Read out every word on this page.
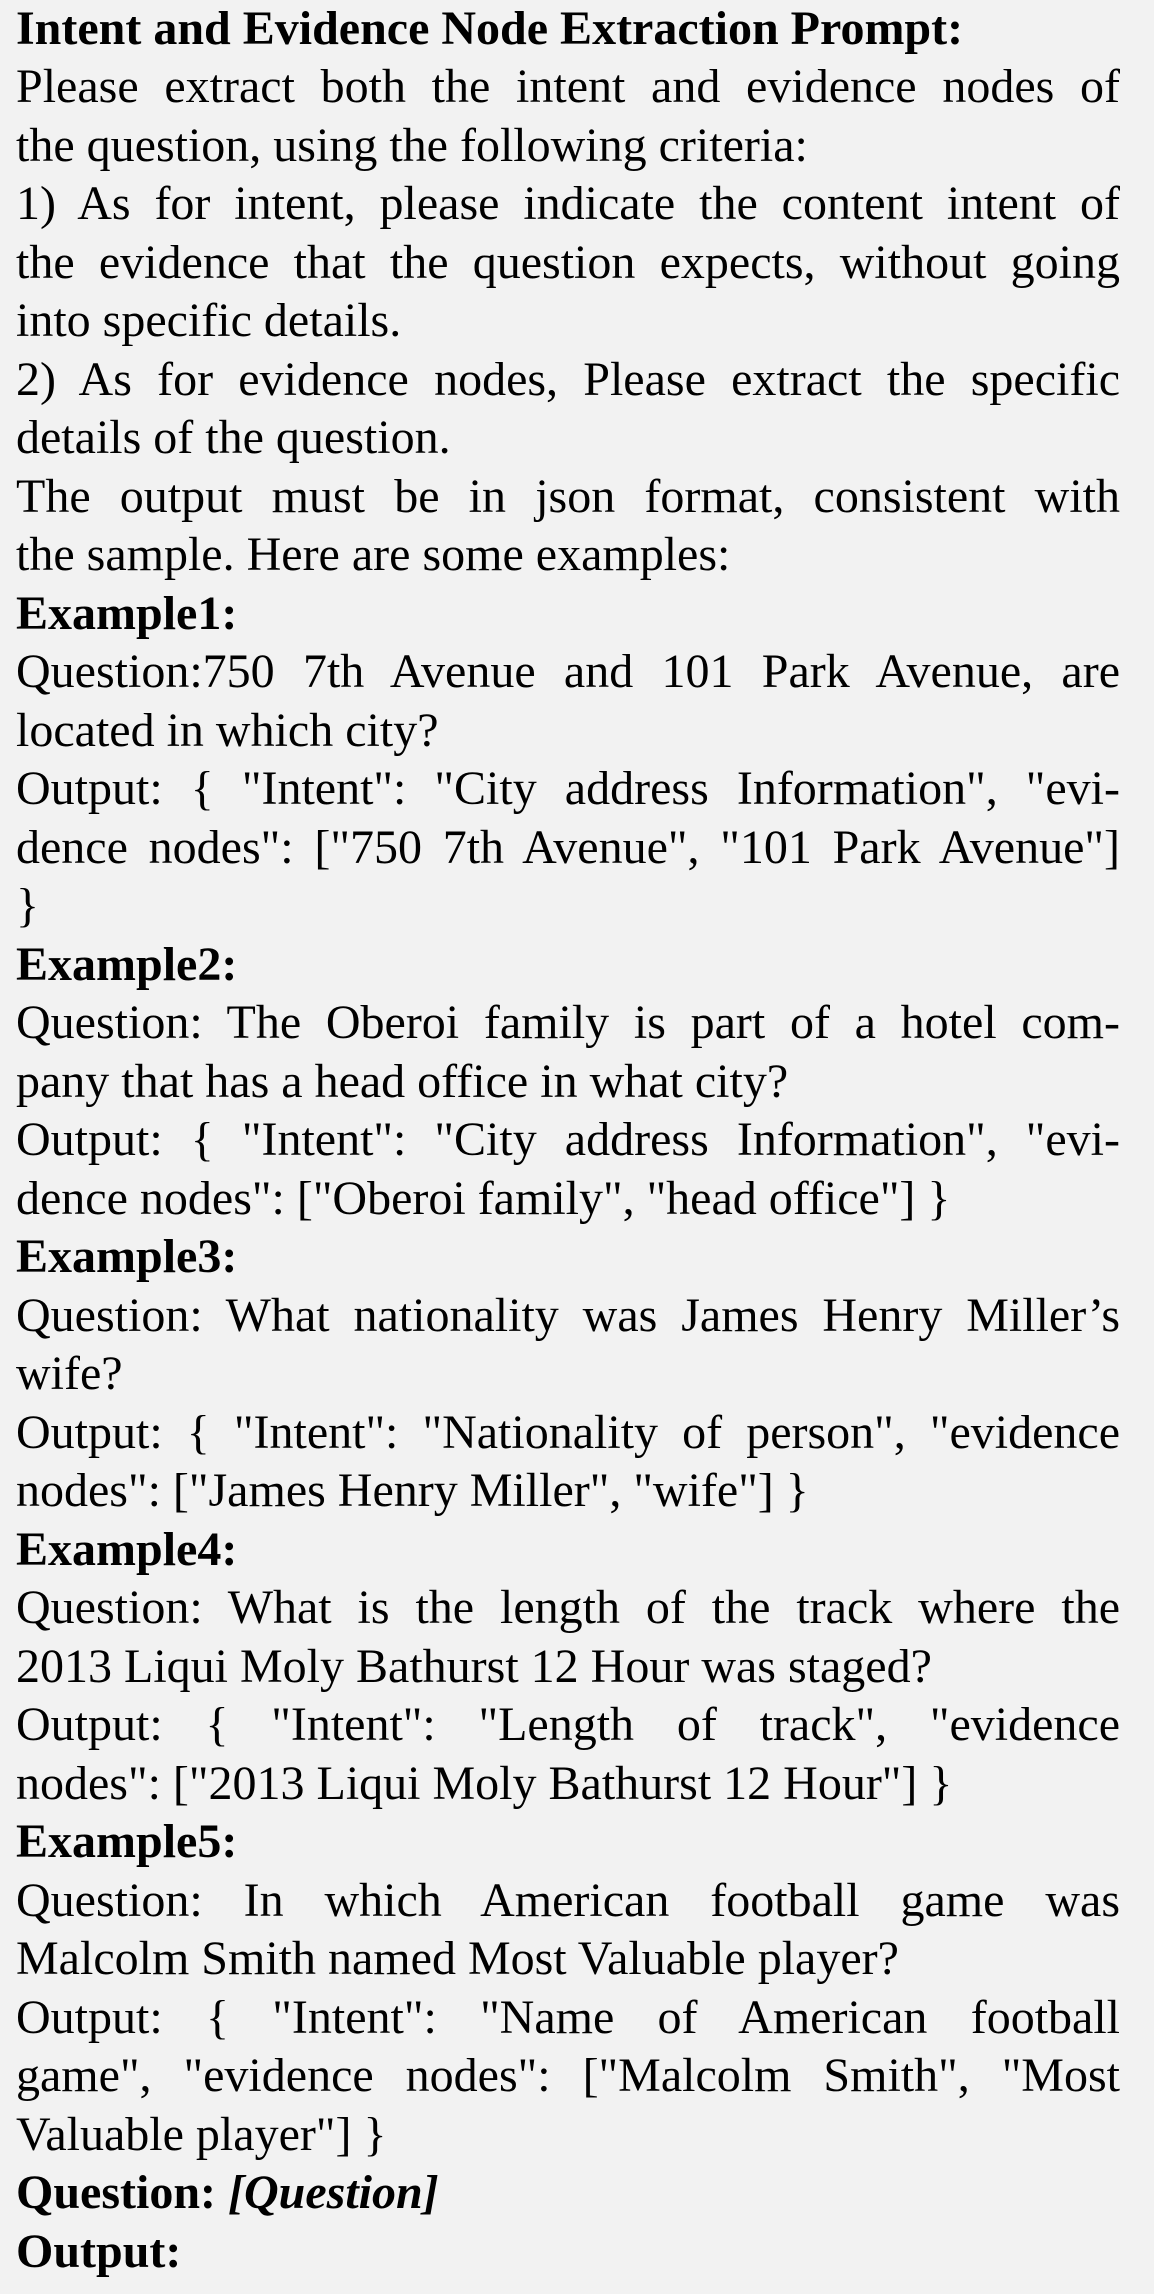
Intent and Evidence Node Extraction Prompt:
Please extract both the intent and evidence nodes of
the question, using the following criteria:
1) As for intent, please indicate the content intent of
the evidence that the question expects, without going
into specific details.
2) As for evidence nodes, Please extract the specific
details of the question.
The output must be in json format, consistent with
the sample. Here are some examples:
Example1:
Question:750 7th Avenue and 101 Park Avenue, are
located in which city?
Output: { "Intent": "City address Information", "evi-
dence nodes": ["750 7th Avenue", "101 Park Avenue"]
}
Example2:
Question: The Oberoi family is part of a hotel com-
pany that has a head office in what city?
Output: { "Intent": "City address Information", "evi-
dence nodes": ["Oberoi family", "head office"] }
Example3:
Question: What nationality was James Henry Miller’s
wife?
Output: { "Intent": "Nationality of person", "evidence
nodes": ["James Henry Miller", "wife"] }
Example4:
Question: What is the length of the track where the
2013 Liqui Moly Bathurst 12 Hour was staged?
Output: { "Intent": "Length of track", "evidence
nodes": ["2013 Liqui Moly Bathurst 12 Hour"] }
Example5:
Question: In which American football game was
Malcolm Smith named Most Valuable player?
Output: { "Intent": "Name of American football
game", "evidence nodes": ["Malcolm Smith", "Most
Valuable player"] }
Question: [Question]
Output:
